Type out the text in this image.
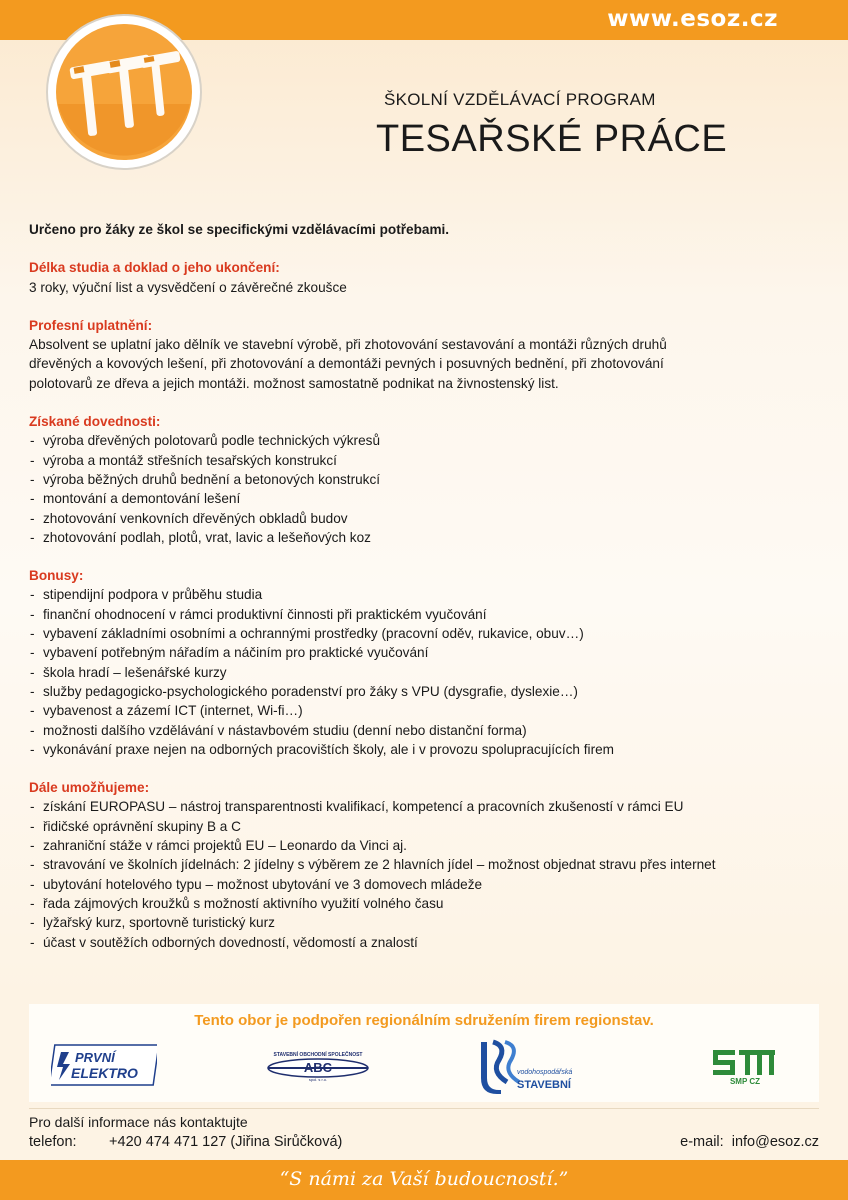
www.esoz.cz
ŠKOLNÍ VZDĚLÁVACÍ PROGRAM
TESAŘSKÉ PRÁCE
Určeno pro žáky ze škol se specifickými vzdělávacími potřebami.
Délka studia a doklad o jeho ukončení:
3 roky, výuční list a vysvědčení o závěrečné zkoušce
Profesní uplatnění:
Absolvent se uplatní jako dělník ve stavební výrobě, při zhotovování sestavování a montáži různých druhů
dřevěných a kovových lešení, při zhotovování a demontáži pevných i posuvných bednění, při zhotovování
polotovarů ze dřeva a jejich montáži. možnost samostatně podnikat na živnostenský list.
Získané dovednosti:
- výroba dřevěných polotovarů podle technických výkresů
- výroba a montáž střešních tesařských konstrukcí
- výroba běžných druhů bednění a betonových konstrukcí
- montování a demontování lešení
- zhotovování venkovních dřevěných obkladů budov
- zhotovování podlah, plotů, vrat, lavic a lešeňových koz
Bonusy:
- stipendijní podpora v průběhu studia
- finanční ohodnocení v rámci produktivní činnosti při praktickém vyučování
- vybavení základními osobními a ochrannými prostředky (pracovní oděv, rukavice, obuv…)
- vybavení potřebným nářadím a náčiním pro praktické vyučování
- škola hradí – lešenářské kurzy
- služby pedagogicko-psychologického poradenství pro žáky s VPU (dysgrafie, dyslexie…)
- vybavenost a zázemí ICT (internet, Wi-fi…)
- možnosti dalšího vzdělávání v nástavbovém studiu (denní nebo distanční forma)
- vykonávání praxe nejen na odborných pracovištích školy, ale i v provozu spolupracujících firem
Dále umožňujeme:
- získání EUROPASU – nástroj transparentnosti kvalifikací, kompetencí a pracovních zkušeností v rámci EU
- řidičské oprávnění skupiny B a C
- zahraniční stáže v rámci projektů EU – Leonardo da Vinci aj.
- stravování ve školních jídelnách: 2 jídelny s výběrem ze 2 hlavních jídel – možnost objednat stravu přes internet
- ubytování hotelového typu – možnost ubytování ve 3 domovech mládeže
- řada zájmových kroužků s možností aktivního využití volného času
- lyžařský kurz, sportovně turistický kurz
- účast v soutěžích odborných dovedností, vědomostí a znalostí
Tento obor je podpořen regionálním sdružením firem regionstav.
PRVNÍ
ELEKTRO
STAVEBNÍ OBCHODNÍ SPOLEČNOST
ABC
spol. s r.o.
vodohospodářská
STAVEBNÍ	SMP CZ
Pro další informace nás kontaktujte
telefon: +420 474 471 127 (Jiřina Sirůčková)	e-mail: info@esoz.cz
“S námi za Vaší budoucností.”
